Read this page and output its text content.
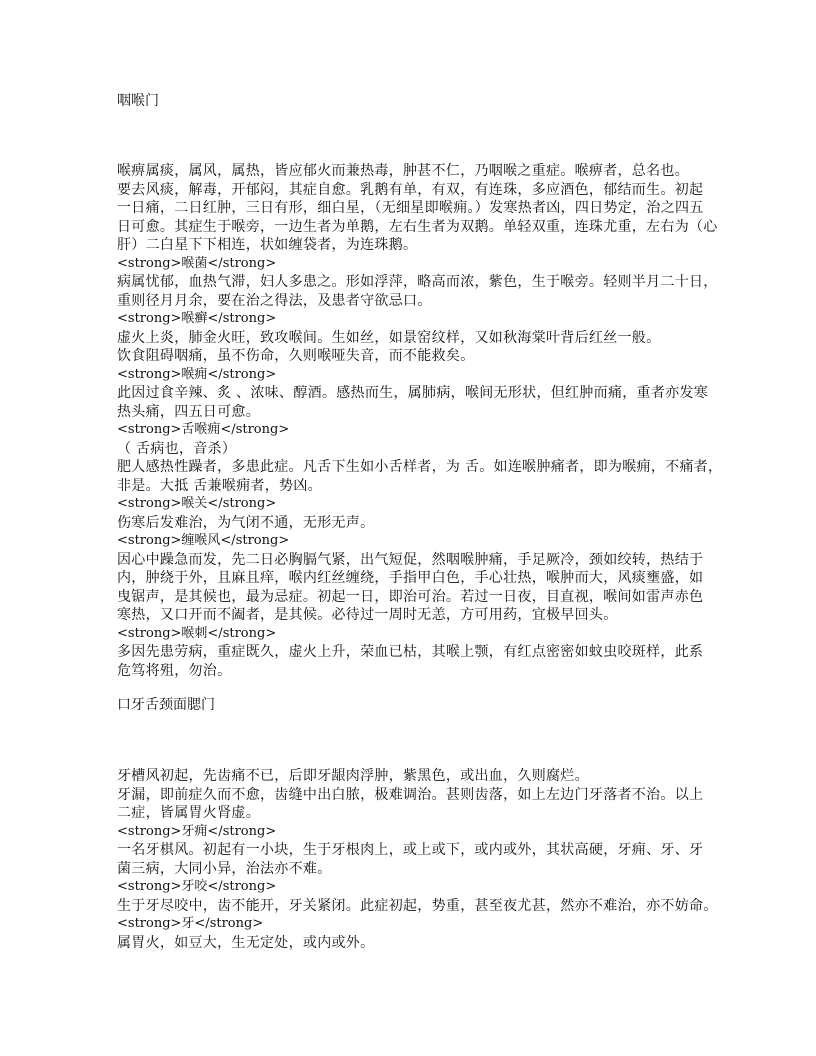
咽喉门
喉痹属痰，属风，属热，皆应郁火而兼热毒，肿甚不仁，乃咽喉之重症。喉痹者，总名也。
要去风痰，解毒，开郁闷，其症自愈。乳鹅有单，有双，有连珠，多应酒色，郁结而生。初起
一日痛，二日红肿，三日有形，细白星，（无细星即喉痈。）发寒热者凶，四日势定，治之四五
日可愈。其症生于喉旁，一边生者为单鹅，左右生者为双鹅。单轻双重，连珠尤重，左右为（心
肝）二白星下下相连，状如缠袋者，为连珠鹅。
<strong>喉菌</strong>
病属忧郁，血热气滞，妇人多患之。形如浮萍，略高而浓，紫色，生于喉旁。轻则半月二十日，
重则径月月余，要在治之得法，及患者守欲忌口。
<strong>喉癣</strong>
虚火上炎，肺金火旺，致攻喉间。生如丝，如景窑纹样，又如秋海棠叶背后红丝一般。
饮食阻碍咽痛，虽不伤命，久则喉哑失音，而不能救矣。
<strong>喉痈</strong>
此因过食辛辣、炙 、浓味、醇酒。感热而生，属肺病，喉间无形状，但红肿而痛，重者亦发寒
热头痛，四五日可愈。
<strong>舌喉痈</strong>
（ 舌病也，音杀）
肥人感热性躁者，多患此症。凡舌下生如小舌样者，为 舌。如连喉肿痛者，即为喉痈，不痛者，
非是。大抵 舌兼喉痈者，势凶。
<strong>喉关</strong>
伤寒后发难治，为气闭不通，无形无声。
<strong>缠喉风</strong>
因心中躁急而发，先二日必胸膈气紧，出气短促，然咽喉肿痛，手足厥冷，颈如绞转，热结于
内，肿绕于外，且麻且痒，喉内红丝缠绕，手指甲白色，手心壮热，喉肿而大，风痰壅盛，如
曳锯声，是其候也，最为忌症。初起一日，即治可治。若过一日夜，目直视，喉间如雷声赤色
寒热，又口开而不阖者，是其候。必待过一周时无恙，方可用药，宜极早回头。
<strong>喉刺</strong>
多因先患劳病，重症既久，虚火上升，荣血已枯，其喉上颚，有红点密密如蚊虫咬斑样，此系
危笃将殂，勿治。
口牙舌颈面腮门
牙槽风初起，先齿痛不已，后即牙龈肉浮肿，紫黑色，或出血，久则腐烂。
牙漏，即前症久而不愈，齿缝中出白脓，极难调治。甚则齿落，如上左边门牙落者不治。以上
二症，皆属胃火肾虚。
<strong>牙痈</strong>
一名牙棋风。初起有一小块，生于牙根肉上，或上或下，或内或外，其状高硬，牙痈、牙、牙
菌三病，大同小异，治法亦不难。
<strong>牙咬</strong>
生于牙尽咬中，齿不能开，牙关紧闭。此症初起，势重，甚至夜尤甚，然亦不难治，亦不妨命。
<strong>牙</strong>
属胃火，如豆大，生无定处，或内或外。
